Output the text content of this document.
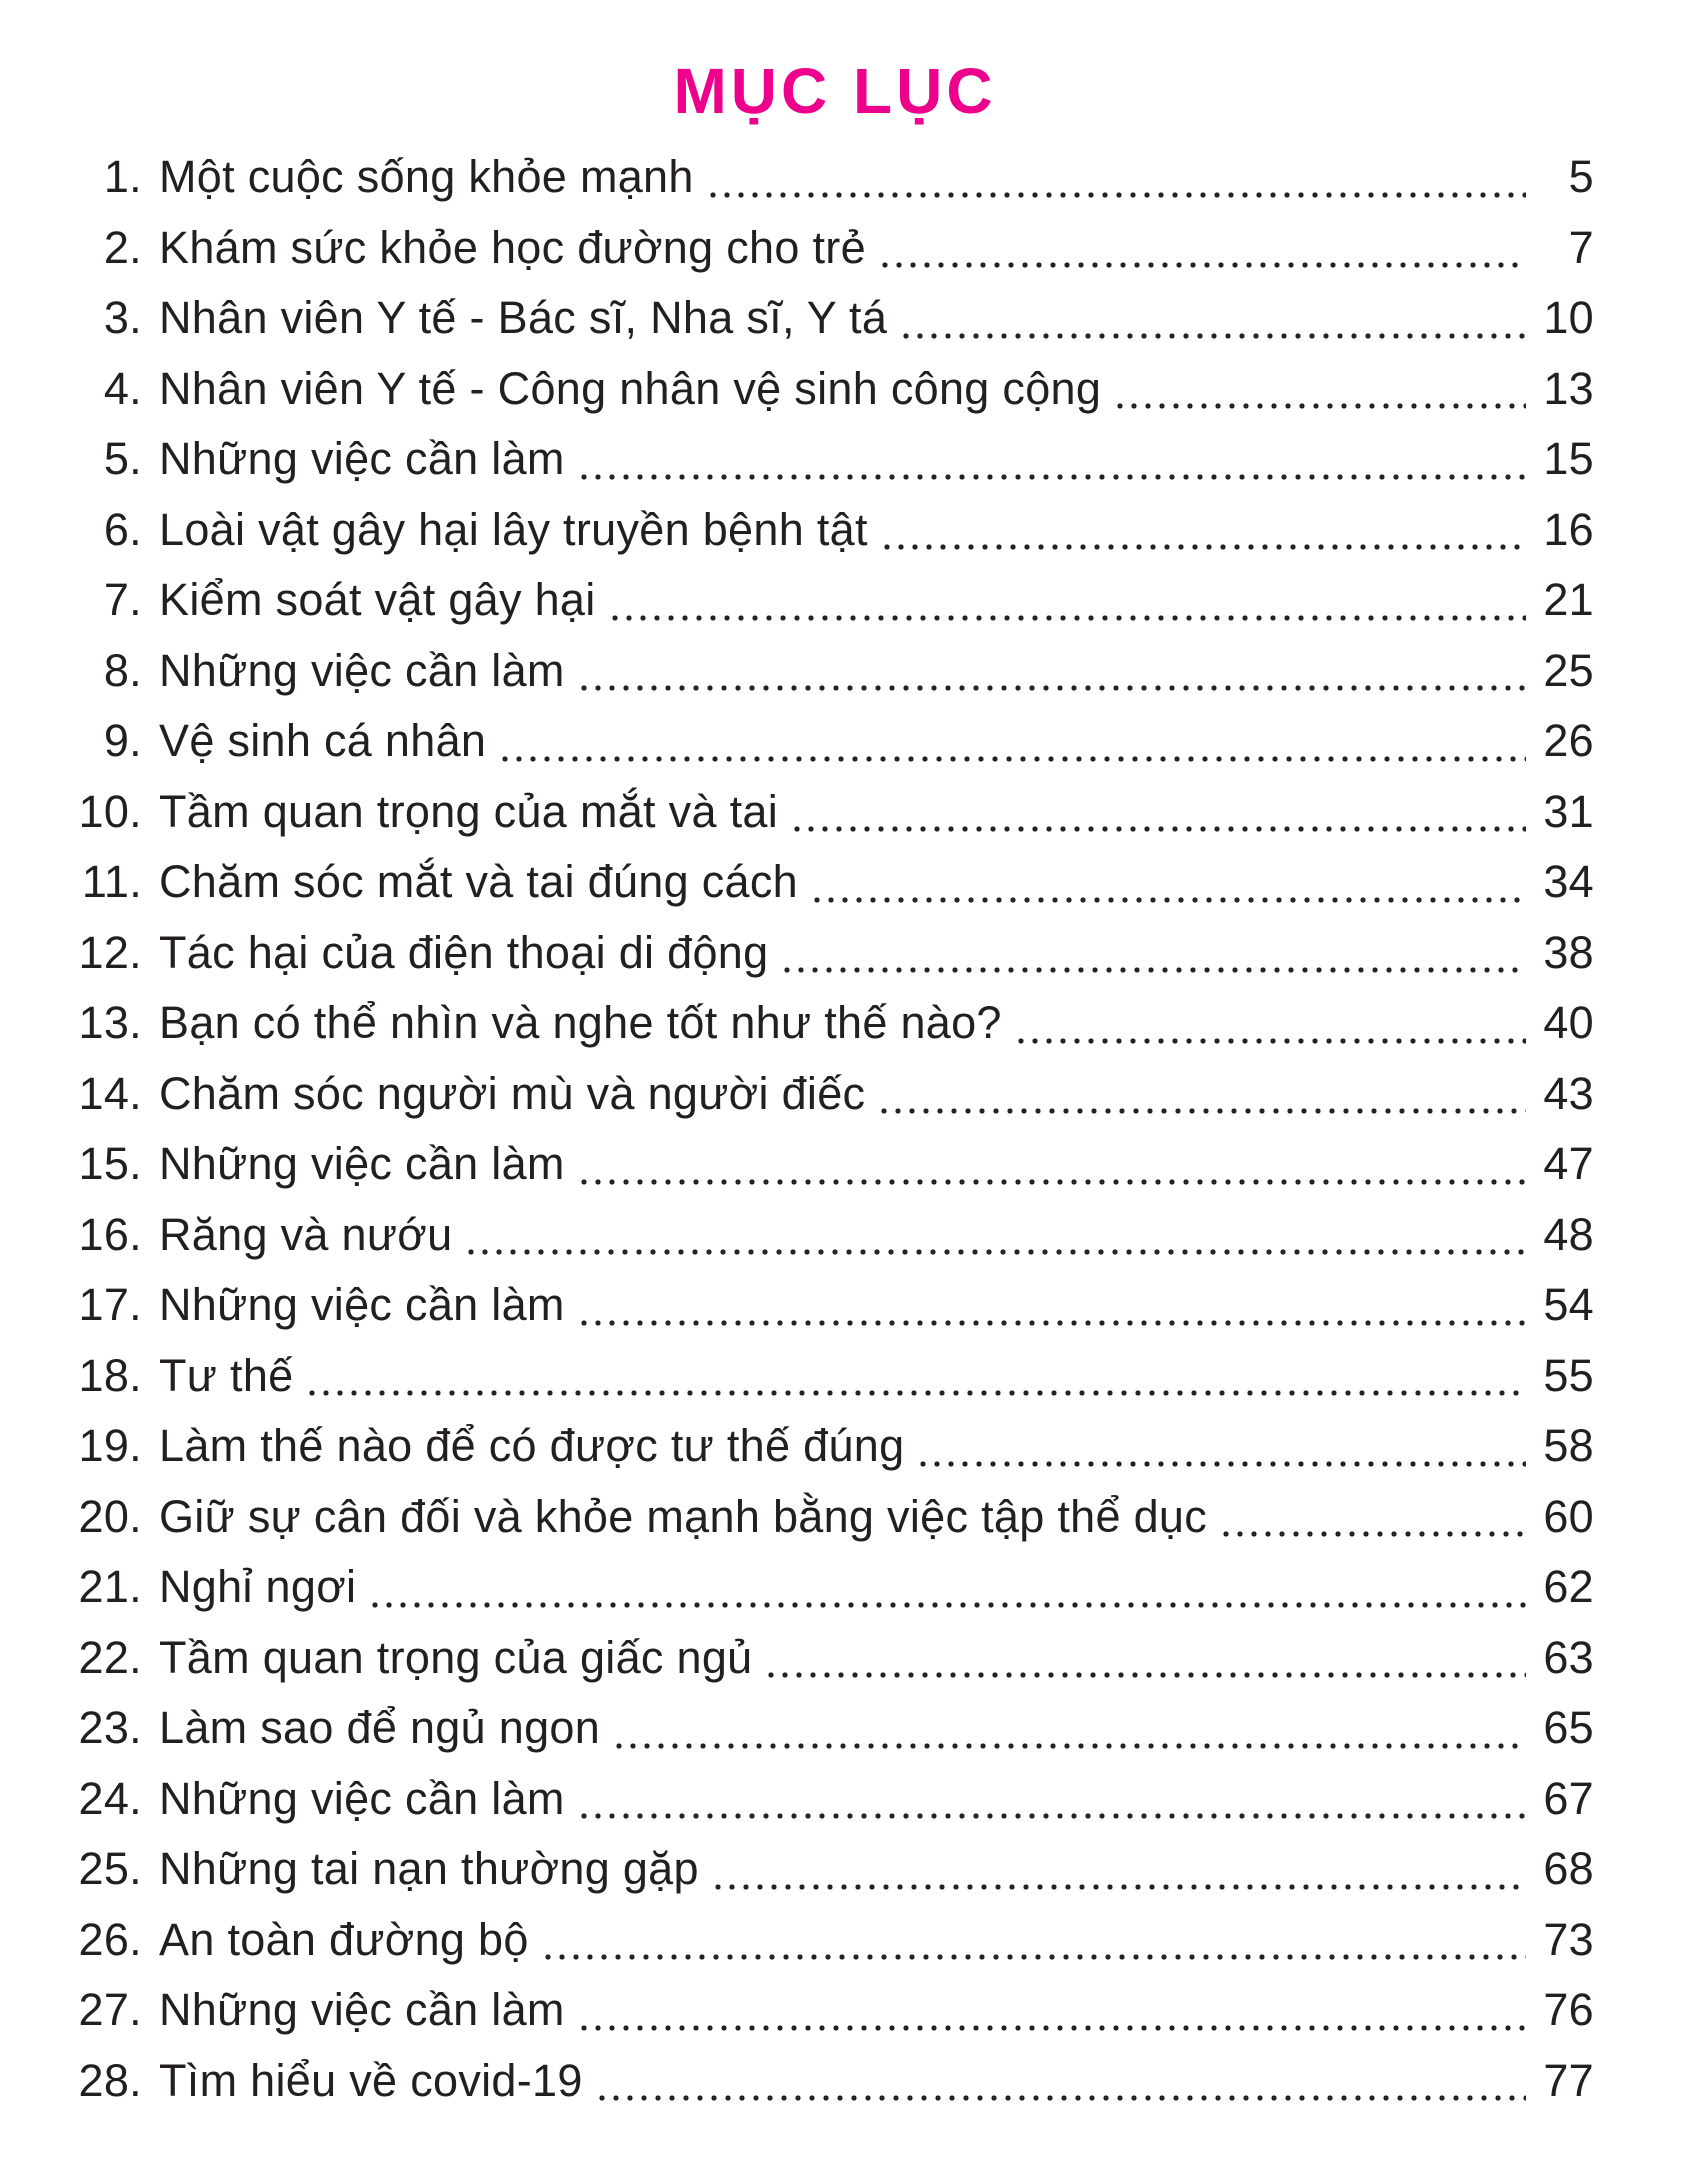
MỤC LỤC
1. Một cuộc sống khỏe mạnh	5
2. Khám sức khỏe học đường cho trẻ	7
3. Nhân viên Y tế - Bác sĩ, Nha sĩ, Y tá	10
4. Nhân viên Y tế - Công nhân vệ sinh công cộng	13
5. Những việc cần làm	15
6. Loài vật gây hại lây truyền bệnh tật	16
7. Kiểm soát vật gây hại	21
8. Những việc cần làm	25
9. Vệ sinh cá nhân	26
10. Tầm quan trọng của mắt và tai	31
11. Chăm sóc mắt và tai đúng cách	34
12. Tác hại của điện thoại di động	38
13. Bạn có thể nhìn và nghe tốt như thế nào?	40
14. Chăm sóc người mù và người điếc	43
15. Những việc cần làm	47
16. Răng và nướu	48
17. Những việc cần làm	54
18. Tư thế	55
19. Làm thế nào để có được tư thế đúng	58
20. Giữ sự cân đối và khỏe mạnh bằng việc tập thể dục	60
21. Nghỉ ngơi	62
22. Tầm quan trọng của giấc ngủ	63
23. Làm sao để ngủ ngon	65
24. Những việc cần làm	67
25. Những tai nạn thường gặp	68
26. An toàn đường bộ	73
27. Những việc cần làm	76
28. Tìm hiểu về covid-19	77
